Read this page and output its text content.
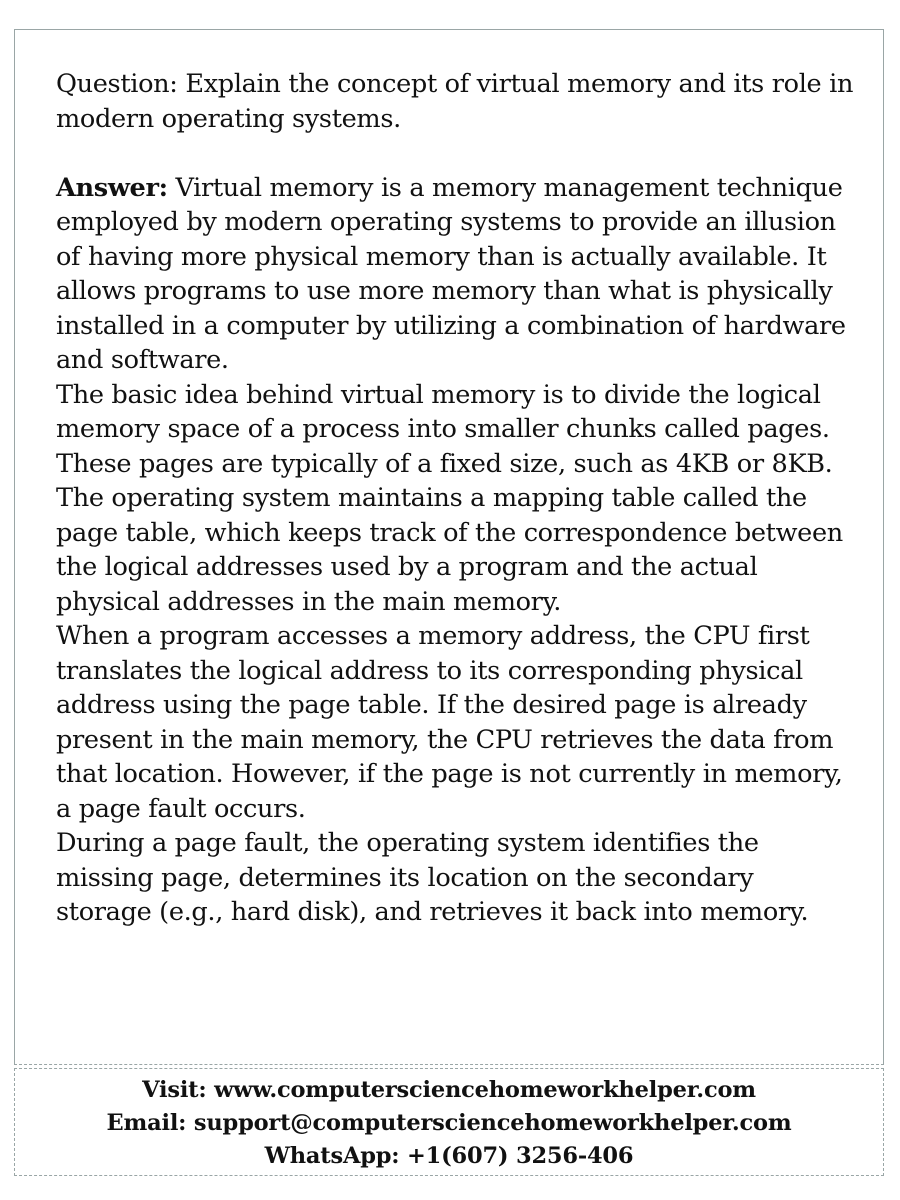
Question: Explain the concept of virtual memory and its role in modern operating systems.

Answer: Virtual memory is a memory management technique employed by modern operating systems to provide an illusion of having more physical memory than is actually available. It allows programs to use more memory than what is physically installed in a computer by utilizing a combination of hardware and software.

The basic idea behind virtual memory is to divide the logical memory space of a process into smaller chunks called pages. These pages are typically of a fixed size, such as 4KB or 8KB. The operating system maintains a mapping table called the page table, which keeps track of the correspondence between the logical addresses used by a program and the actual physical addresses in the main memory.

When a program accesses a memory address, the CPU first translates the logical address to its corresponding physical address using the page table. If the desired page is already present in the main memory, the CPU retrieves the data from that location. However, if the page is not currently in memory, a page fault occurs.

During a page fault, the operating system identifies the missing page, determines its location on the secondary storage (e.g., hard disk), and retrieves it back into memory.

Visit: www.computersciencehomeworkhelper.com
Email: support@computersciencehomeworkhelper.com
WhatsApp: +1(607) 3256-406
